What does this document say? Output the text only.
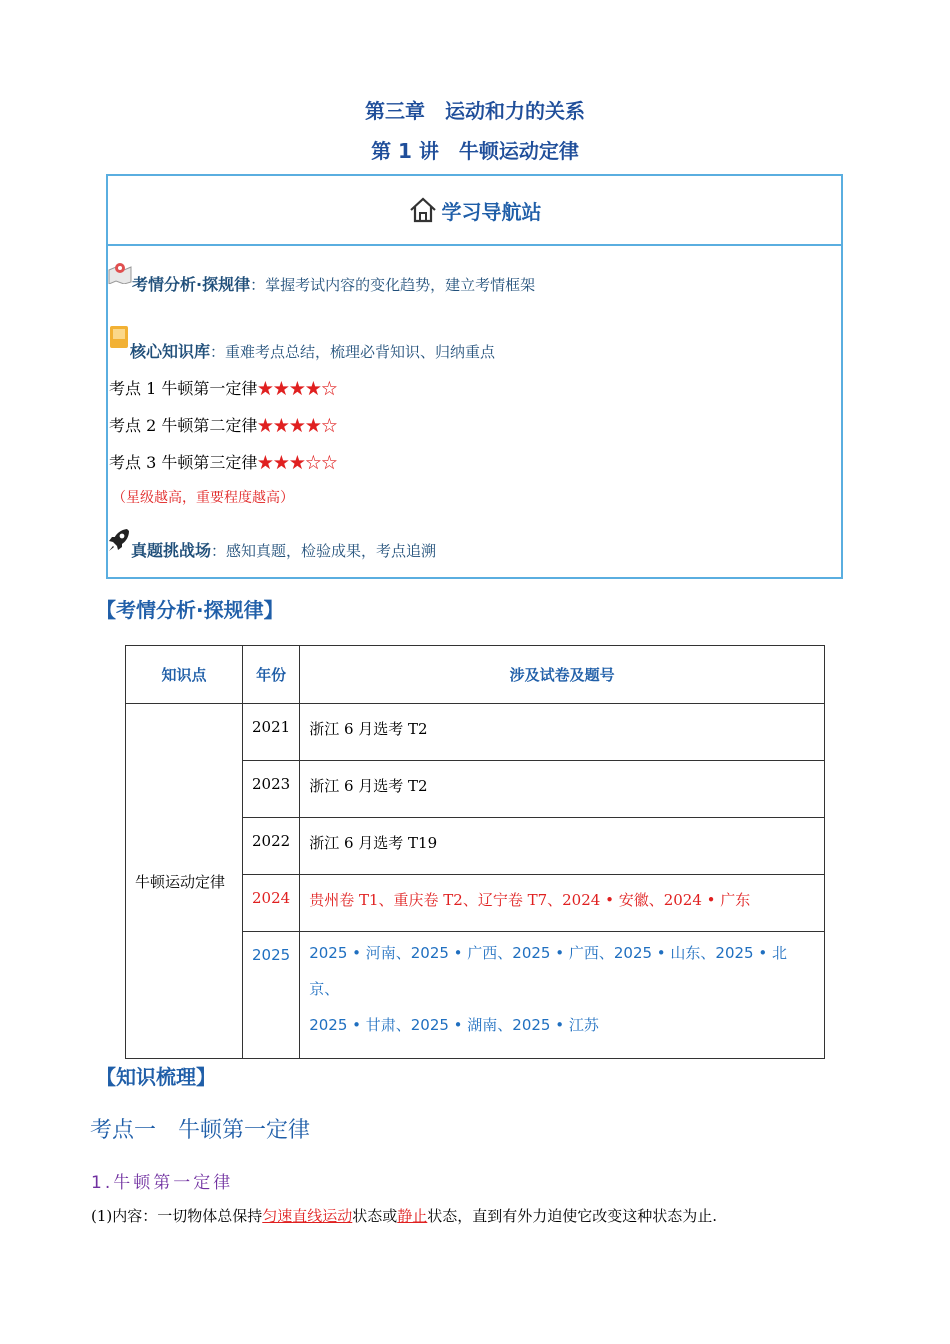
第三章　运动和力的关系
第 1 讲　牛顿运动定律
学习导航站
考情分析·探规律：掌握考试内容的变化趋势，建立考情框架
核心知识库：重难考点总结，梳理必背知识、归纳重点
考点 1 牛顿第一定律★★★★☆
考点 2 牛顿第二定律★★★★☆
考点 3 牛顿第三定律★★★☆☆
（星级越高，重要程度越高）
真题挑战场：感知真题，检验成果，考点追溯
【考情分析·探规律】
知识点	年份	涉及试卷及题号
牛顿运动定律	2021	浙江 6 月选考 T2
	2023	浙江 6 月选考 T2
	2022	浙江 6 月选考 T19
	2024	贵州卷 T1、重庆卷 T2、辽宁卷 T7、2024 • 安徽、2024 • 广东
	2025	2025 • 河南、2025 • 广西、2025 • 广西、2025 • 山东、2025 • 北京、
2025 • 甘肃、2025 • 湖南、2025 • 江苏
【知识梳理】
考点一　牛顿第一定律
1.牛顿第一定律
(1)内容：一切物体总保持匀速直线运动状态或静止状态，直到有外力迫使它改变这种状态为止.
